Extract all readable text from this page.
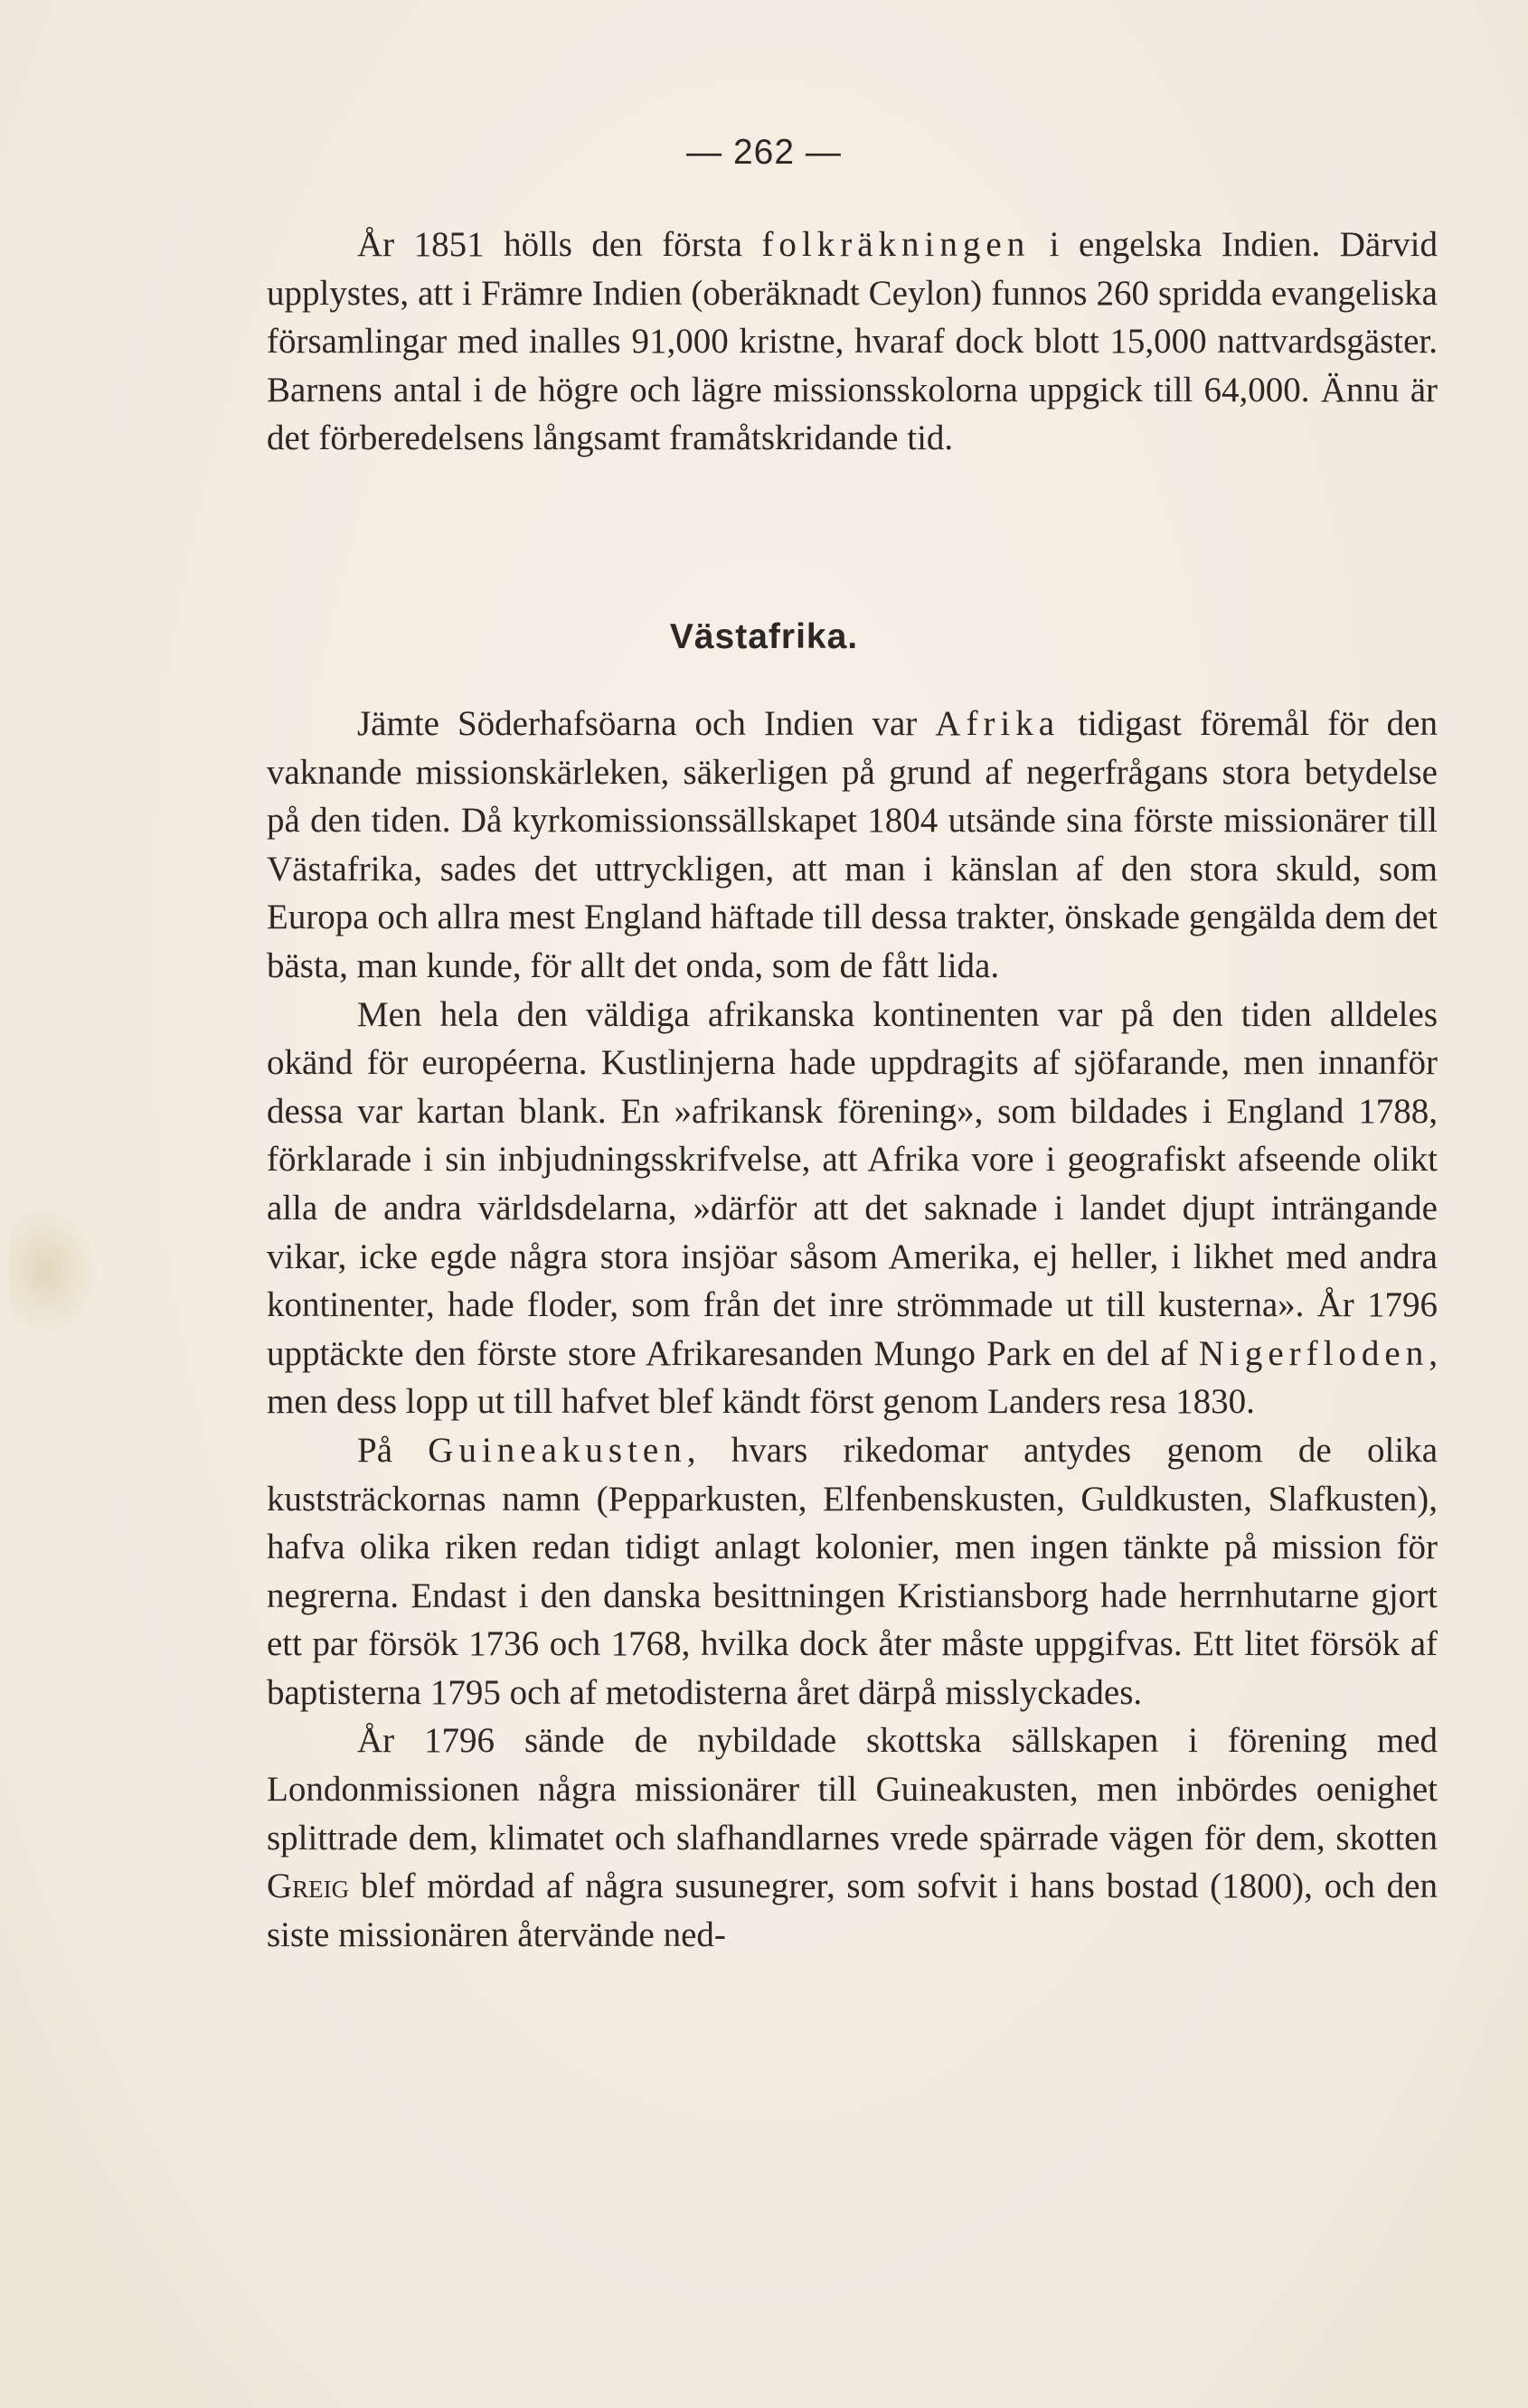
— 262 —

År 1851 hölls den första folkräkningen i engelska Indien. Därvid upplystes, att i Främre Indien (oberäknadt Ceylon) funnos 260 spridda evangeliska församlingar med inalles 91,000 kristne, hvaraf dock blott 15,000 nattvardsgäster. Barnens antal i de högre och lägre missionsskolorna uppgick till 64,000. Ännu är det förberedelsens långsamt framåtskridande tid.

Västafrika.

Jämte Söderhafsöarna och Indien var Afrika tidigast föremål för den vaknande missionskärleken, säkerligen på grund af negerfrågans stora betydelse på den tiden. Då kyrkomissionssällskapet 1804 utsände sina förste missionärer till Västafrika, sades det uttryckligen, att man i känslan af den stora skuld, som Europa och allra mest England häftade till dessa trakter, önskade gengälda dem det bästa, man kunde, för allt det onda, som de fått lida.

Men hela den väldiga afrikanska kontinenten var på den tiden alldeles okänd för européerna. Kustlinjerna hade uppdragits af sjöfarande, men innanför dessa var kartan blank. En »afrikansk förening», som bildades i England 1788, förklarade i sin inbjudningsskrifvelse, att Afrika vore i geografiskt afseende olikt alla de andra världsdelarna, »därför att det saknade i landet djupt inträngande vikar, icke egde några stora insjöar såsom Amerika, ej heller, i likhet med andra kontinenter, hade floder, som från det inre strömmade ut till kusterna». År 1796 upptäckte den förste store Afrikaresanden Mungo Park en del af Nigerfloden, men dess lopp ut till hafvet blef kändt först genom Landers resa 1830.

På Guineakusten, hvars rikedomar antydes genom de olika kuststräckornas namn (Pepparkusten, Elfenbenskusten, Guldkusten, Slafkusten), hafva olika riken redan tidigt anlagt kolonier, men ingen tänkte på mission för negrerna. Endast i den danska besittningen Kristiansborg hade herrnhutarne gjort ett par försök 1736 och 1768, hvilka dock åter måste uppgifvas. Ett litet försök af baptisterna 1795 och af metodisterna året därpå misslyckades.

År 1796 sände de nybildade skottska sällskapen i förening med Londonmissionen några missionärer till Guineakusten, men inbördes oenighet splittrade dem, klimatet och slafhandlarnes vrede spärrade vägen för dem, skotten Greig blef mördad af några susunegrer, som sofvit i hans bostad (1800), och den siste missionären återvände ned-
